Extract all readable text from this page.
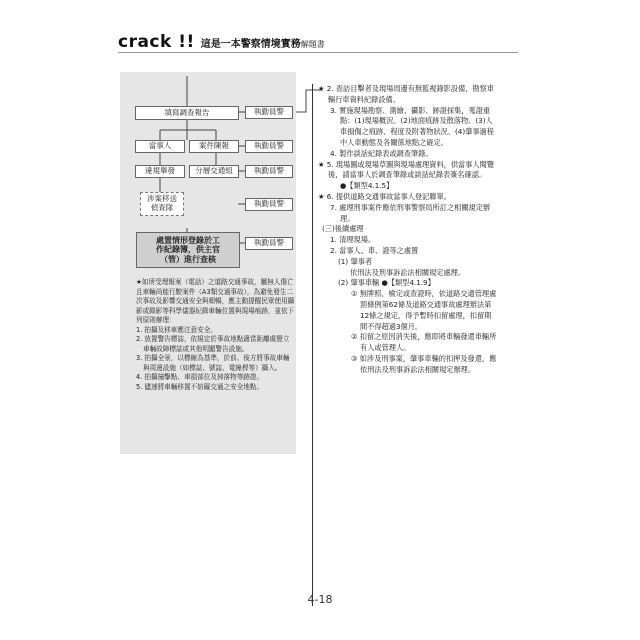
crack !! 這是一本警察情境實務解題書
填寫調查報告
當事人	案件陳報
違規舉發	分層交通組
涉案移送
偵查隊
處置情形登錄於工
作紀錄簿，供主官
（管）進行查核
執勤員警
執勤員警
執勤員警
執勤員警
執勤員警

★如所受理報案（電話）之道路交通事故，屬無人傷亡且車輛尚能行駛案件（A3類交通事故），為避免發生二次事故及影響交通安全與順暢，應主動提醒民眾使用攝影或錄影等科學儀器紀錄車輛位置與現場痕跡，並依下列原則辦理：

1. 拍攝及移車應注意安全。

2. 放置警告標誌，依規定於事故地點適當距離處豎立車輛故障標誌或其他明顯警告設施。

3. 拍攝全景，以標線為基準，於前、後方將事故車輛與周邊設施（如標誌、號誌、電線桿等）攝入。

4. 拍攝撞擊點、車損部位及掉落物等跡證。

5. 儘速將車輛移置不妨礙交通之安全地點。

★ 2. 查訪目擊者及現場周邊有無監視錄影設備，勘察車輛行車資料紀錄設備。

3. 實施現場勘察、測繪、攝影、跡證採集，蒐證重點：(1)現場概況、(2)地面痕跡及散落物、(3)人車損傷之痕跡、程度及附著物狀況、(4)肇事過程中人車動態及各關係地點之確定。

4. 製作談話紀錄表或調查筆錄。

★ 5. 現場圖或現場草圖與現場處理資料，供當事人閱覽後，請當事人於調查筆錄或談話紀錄表簽名確認。

●【類型4.1.5】

★ 6. 提供道路交通事故當事人登記聯單。

7. 處理刑事案件應依刑事警察局所訂之相關規定辦理。

(三)後續處理

1. 清理現場。

2. 當事人、車、證等之處置

(1) 肇事者

依刑法及刑事訴訟法相關規定處理。

(2) 肇事車輛 ●【類型4.1.9】

① 無牌照、檢定或查證時，依道路交通管理處罰條例第62條及道路交通事故處理辦法第12條之規定，得予暫時扣留處理，扣留期間不得超過3個月。

② 扣留之原因消失後，應即將車輛發還車輛所有人或管理人。

③ 如涉及刑事案，肇事車輛的扣押及發還，應依刑法及刑事訴訟法相關規定辦理。

4-18
